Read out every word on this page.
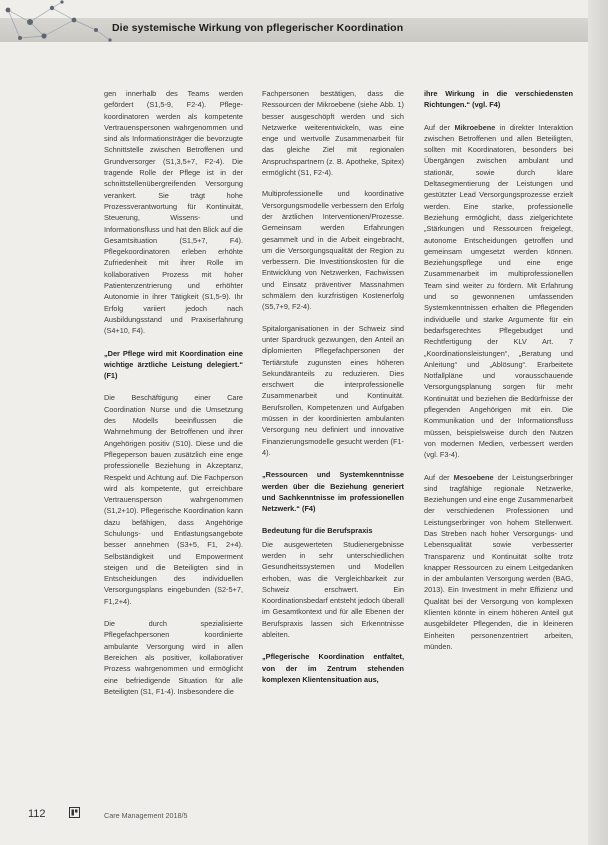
Die systemische Wirkung von pflegerischer Koordination

gen innerhalb des Teams werden gefördert (S1,5-9, F2-4). Pflege-koordinatoren werden als kompetente Vertrauenspersonen wahrgenommen und sind als Informationsträger die bevorzugte Schnittstelle zwischen Betroffenen und Grundversorger (S1,3,5+7, F2-4). Die tragende Rolle der Pflege ist in der schnittstellenübergreifenden Versorgung verankert. Sie trägt hohe Prozessverantwortung für Kontinuität, Steuerung, Wissens- und Informationsfluss und hat den Blick auf die Gesamtsituation (S1,5+7, F4). Pflegekoordinatoren erleben erhöhte Zufriedenheit mit ihrer Rolle im kollaborativen Prozess mit hoher Patientenzentrierung und erhöhter Autonomie in ihrer Tätigkeit (S1,5-9). Ihr Erfolg variiert jedoch nach Ausbildungsstand und Praxiserfahrung (S4+10, F4).

„Der Pflege wird mit Koordination eine wichtige ärztliche Leistung delegiert.“ (F1)

Die Beschäftigung einer Care Coordination Nurse und die Umsetzung des Modells beeinflussen die Wahrnehmung der Betroffenen und ihrer Angehörigen positiv (S10). Diese und die Pflegeperson bauen zusätzlich eine enge professionelle Beziehung in Akzeptanz, Respekt und Achtung auf. Die Fachperson wird als kompetente, gut erreichbare Vertrauensperson wahrgenommen (S1,2+10). Pflegerische Koordination kann dazu befähigen, dass Angehörige Schulungs- und Entlastungsangebote besser annehmen (S3+5, F1, 2+4). Selbständigkeit und Empowerment steigen und die Beteiligten sind in Entscheidungen des individuellen Versorgungsplans eingebunden (S2-5+7, F1,2+4).

Die durch spezialisierte Pflegefachpersonen koordinierte ambulante Versorgung wird in allen Bereichen als positiver, kollaborativer Prozess wahrgenommen und ermöglicht eine befriedigende Situation für alle Beteiligten (S1, F1-4). Insbesondere die

Fachpersonen bestätigen, dass die Ressourcen der Mikroebene (siehe Abb. 1) besser ausgeschöpft werden und sich Netzwerke weiterentwickeln, was eine enge und wertvolle Zusammenarbeit für das gleiche Ziel mit regionalen Anspruchspartnern (z. B. Apotheke, Spitex) ermöglicht (S1, F2-4).

Multiprofessionelle und koordinative Versorgungsmodelle verbessern den Erfolg der ärztlichen Interventionen/Prozesse. Gemeinsam werden Erfahrungen gesammelt und in die Arbeit eingebracht, um die Versorgungsqualität der Region zu verbessern. Die Investitionskosten für die Entwicklung von Netzwerken, Fachwissen und Einsatz präventiver Massnahmen schmälern den kurzfristigen Kostenerfolg (S5,7+9, F2-4).

Spitalorganisationen in der Schweiz sind unter Spardruck gezwungen, den Anteil an diplomierten Pflegefachpersonen der Tertiärstufe zugunsten eines höheren Sekundäranteils zu reduzieren. Dies erschwert die interprofessionelle Zusammenarbeit und Kontinuität. Berufsrollen, Kompetenzen und Aufgaben müssen in der koordinierten ambulanten Versorgung neu definiert und innovative Finanzierungsmodelle gesucht werden (F1-4).

„Ressourcen und Systemkenntnisse werden über die Beziehung generiert und Sachkenntnisse im professionellen Netzwerk.“ (F4)

Bedeutung für die Berufspraxis

Die ausgewerteten Studienergebnisse werden in sehr unterschiedlichen Gesundheitssystemen und Modellen erhoben, was die Vergleichbarkeit zur Schweiz erschwert. Ein Koordinationsbedarf entsteht jedoch überall im Gesamtkontext und für alle Ebenen der Berufspraxis lassen sich Erkenntnisse ableiten.

„Pflegerische Koordination entfaltet, von der im Zentrum stehenden komplexen Klientensituation aus,

ihre Wirkung in die verschiedensten Richtungen.“ (vgl. F4)

Auf der Mikroebene in direkter Interaktion zwischen Betroffenen und allen Beteiligten, sollten mit Koordinatoren, besonders bei Übergängen zwischen ambulant und stationär, sowie durch klare Deltasegmentierung der Leistungen und gestützter Lead Versorgungsprozesse erzielt werden. Eine starke, professionelle Beziehung ermöglicht, dass zielgerichtete „Stärkungen und Ressourcen freigelegt, autonome Entscheidungen getroffen und gemeinsam umgesetzt werden können. Beziehungspflege und eine enge Zusammenarbeit im multiprofessionellen Team sind weiter zu fördern. Mit Erfahrung und so gewonnenen umfassenden Systemkenntnissen erhalten die Pflegenden individuelle und starke Argumente für ein bedarfsgerechtes Pflegebudget und Rechtfertigung der KLV Art. 7 „Koordinationsleistungen“, „Beratung und Anleitung“ und „Ablösung“. Erarbeitete Notfallpläne und vorausschauende Versorgungsplanung sorgen für mehr Kontinuität und beziehen die Bedürfnisse der pflegenden Angehörigen mit ein. Die Kommunikation und der Informationsfluss müssen, beispielsweise durch den Nutzen von modernen Medien, verbessert werden (vgl. F3-4).

Auf der Mesoebene der Leistungserbringer sind tragfähige regionale Netzwerke, Beziehungen und eine enge Zusammenarbeit der verschiedenen Professionen und Leistungserbringer von hohem Stellenwert. Das Streben nach hoher Versorgungs- und Lebensqualität sowie verbesserter Transparenz und Kontinuität sollte trotz knapper Ressourcen zu einem Leitgedanken in der ambulanten Versorgung werden (BAG, 2013). Ein Investment in mehr Effizienz und Qualität bei der Versorgung von komplexen Klienten könnte in einem höheren Anteil gut ausgebildeter Pflegenden, die in kleineren Einheiten personenzentriert arbeiten, münden.

112	Care Management 2018/5
